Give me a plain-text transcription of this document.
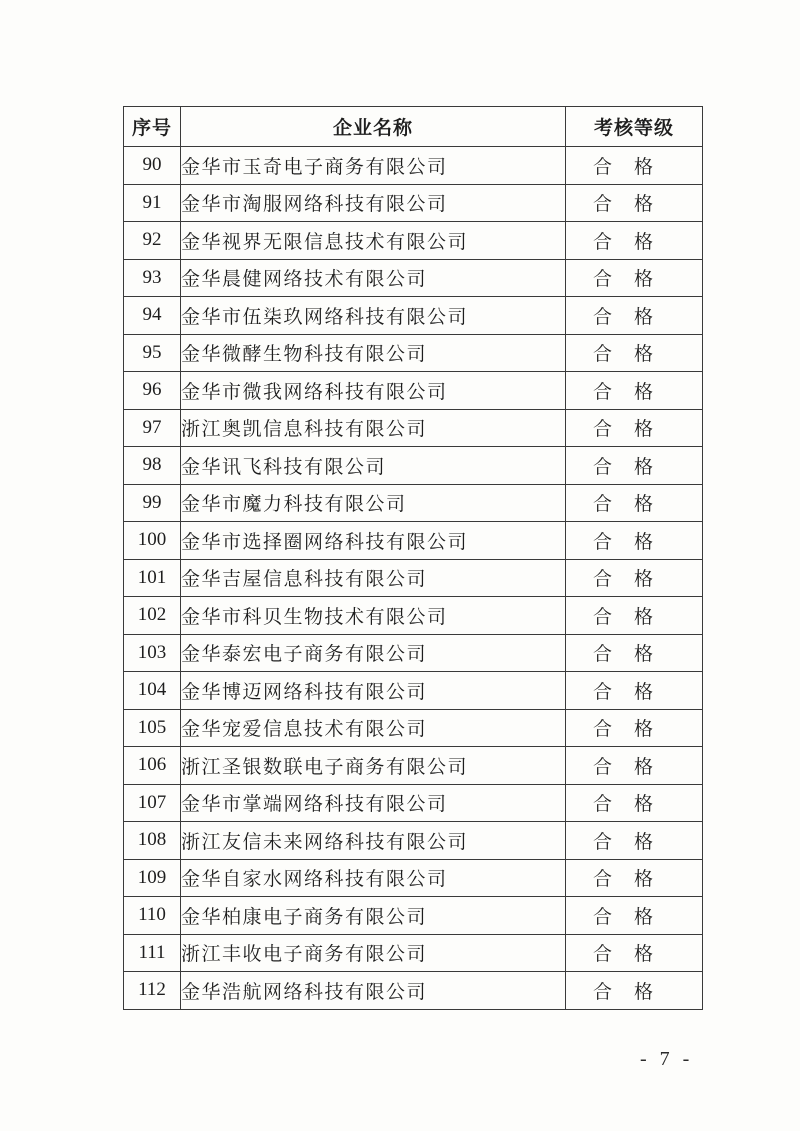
序号	企业名称	考核等级
90	金华市玉奇电子商务有限公司	合格
91	金华市淘服网络科技有限公司	合格
92	金华视界无限信息技术有限公司	合格
93	金华晨健网络技术有限公司	合格
94	金华市伍柒玖网络科技有限公司	合格
95	金华微酵生物科技有限公司	合格
96	金华市微我网络科技有限公司	合格
97	浙江奥凯信息科技有限公司	合格
98	金华讯飞科技有限公司	合格
99	金华市魔力科技有限公司	合格
100	金华市选择圈网络科技有限公司	合格
101	金华吉屋信息科技有限公司	合格
102	金华市科贝生物技术有限公司	合格
103	金华泰宏电子商务有限公司	合格
104	金华博迈网络科技有限公司	合格
105	金华宠爱信息技术有限公司	合格
106	浙江圣银数联电子商务有限公司	合格
107	金华市掌端网络科技有限公司	合格
108	浙江友信未来网络科技有限公司	合格
109	金华自家水网络科技有限公司	合格
110	金华柏康电子商务有限公司	合格
111	浙江丰收电子商务有限公司	合格
112	金华浩航网络科技有限公司	合格
- 7 -
